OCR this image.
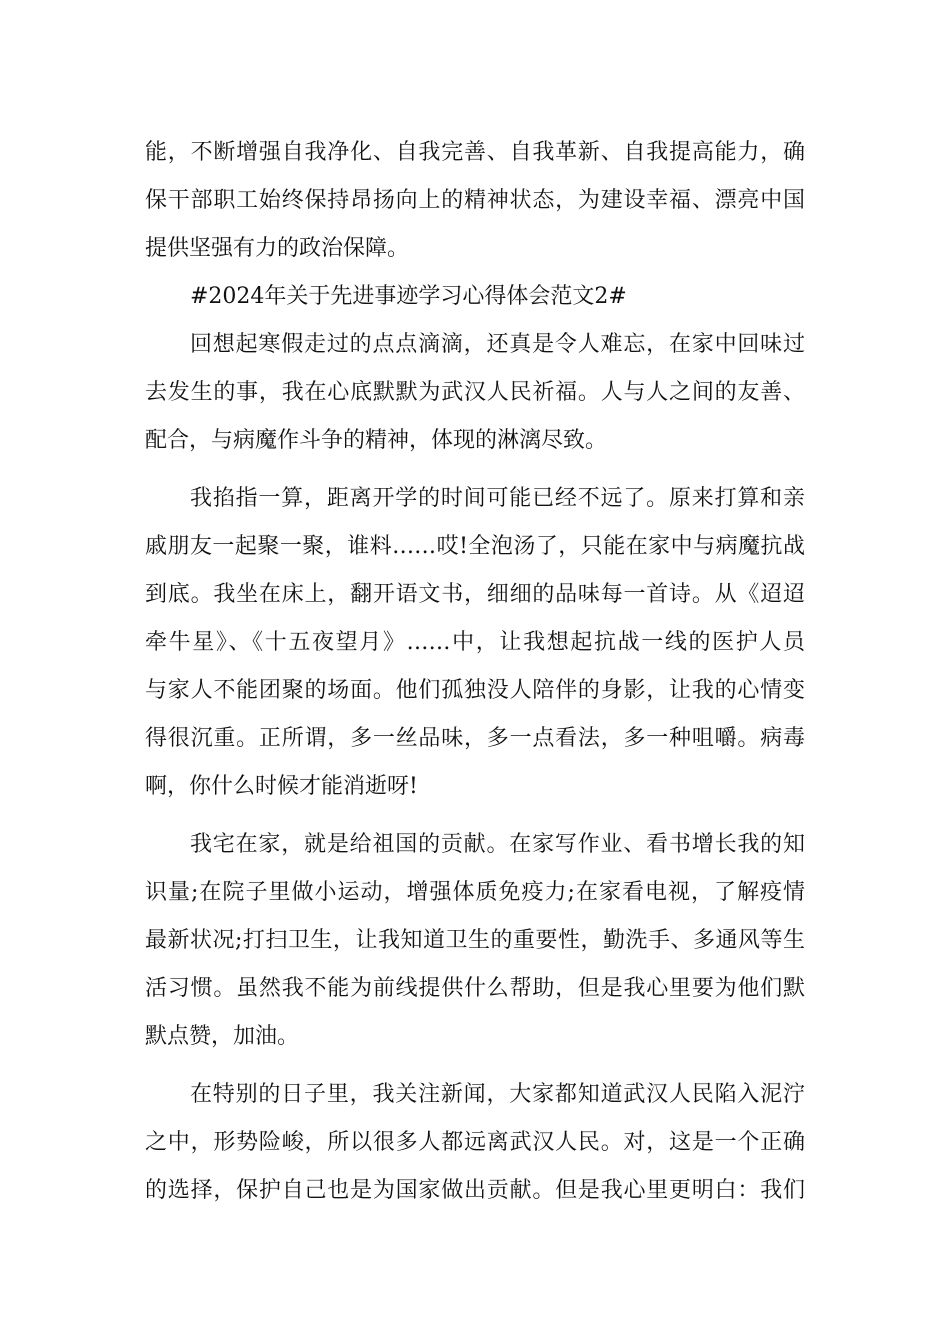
能，不断增强自我净化、自我完善、自我革新、自我提高能力，确
保干部职工始终保持昂扬向上的精神状态，为建设幸福、漂亮中国
提供坚强有力的政治保障。
#2024年关于先进事迹学习心得体会范文2#
回想起寒假走过的点点滴滴，还真是令人难忘，在家中回味过
去发生的事，我在心底默默为武汉人民祈福。人与人之间的友善、
配合，与病魔作斗争的精神，体现的淋漓尽致。
我掐指一算，距离开学的时间可能已经不远了。原来打算和亲
戚朋友一起聚一聚，谁料……哎!全泡汤了，只能在家中与病魔抗战
到底。我坐在床上，翻开语文书，细细的品味每一首诗。从《迢迢
牵牛星》、《十五夜望月》……中，让我想起抗战一线的医护人员
与家人不能团聚的场面。他们孤独没人陪伴的身影，让我的心情变
得很沉重。正所谓，多一丝品味，多一点看法，多一种咀嚼。病毒
啊，你什么时候才能消逝呀!
我宅在家，就是给祖国的贡献。在家写作业、看书增长我的知
识量;在院子里做小运动，增强体质免疫力;在家看电视，了解疫情
最新状况;打扫卫生，让我知道卫生的重要性，勤洗手、多通风等生
活习惯。虽然我不能为前线提供什么帮助，但是我心里要为他们默
默点赞，加油。
在特别的日子里，我关注新闻，大家都知道武汉人民陷入泥泞
之中，形势险峻，所以很多人都远离武汉人民。对，这是一个正确
的选择，保护自己也是为国家做出贡献。但是我心里更明白：我们
